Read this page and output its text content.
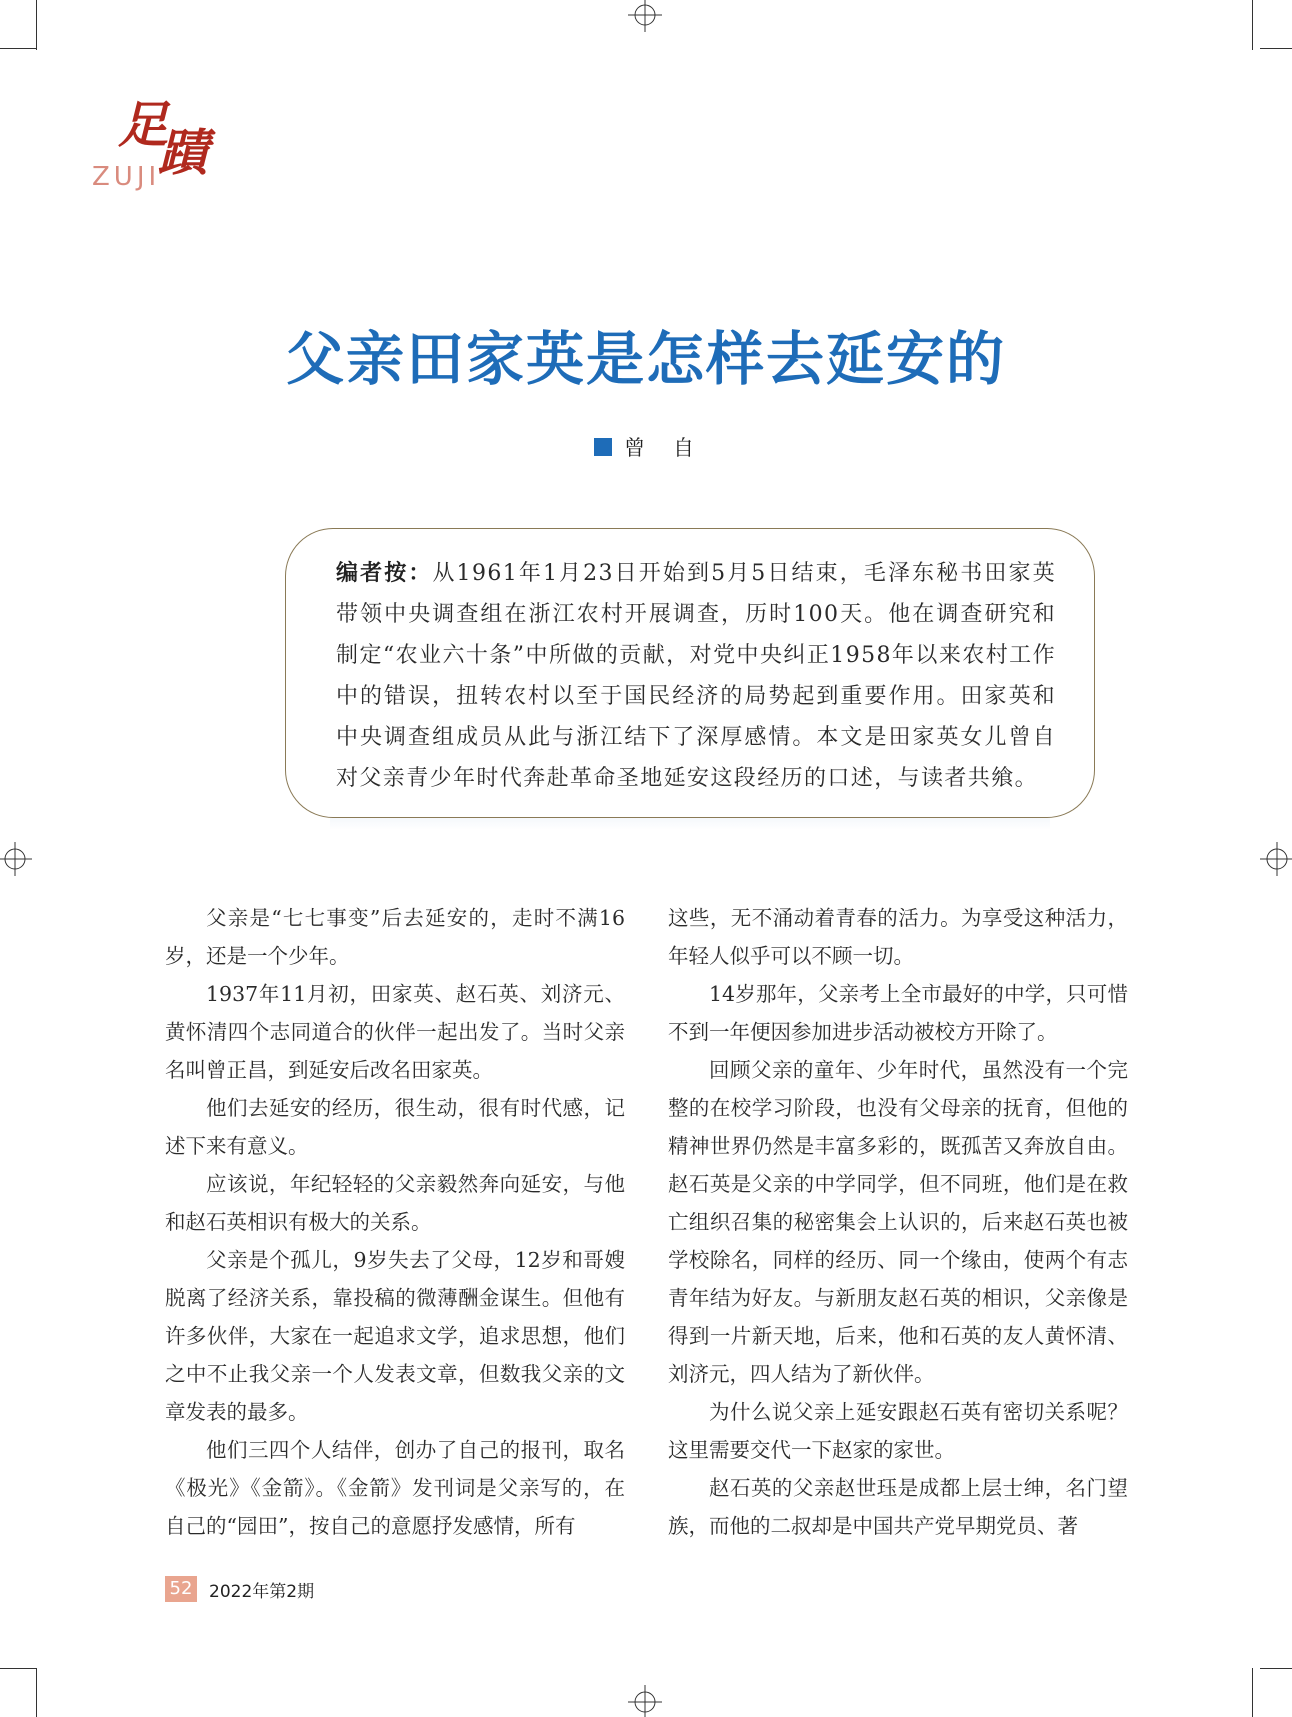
足
蹟
ZUJI
父亲田家英是怎样去延安的
曾自
编者按：从1961年1月23日开始到5月5日结束，毛泽东秘书田家英带领中央调查组在浙江农村开展调查，历时100天。他在调查研究和制定“农业六十条”中所做的贡献，对党中央纠正1958年以来农村工作中的错误，扭转农村以至于国民经济的局势起到重要作用。田家英和中央调查组成员从此与浙江结下了深厚感情。本文是田家英女儿曾自对父亲青少年时代奔赴革命圣地延安这段经历的口述，与读者共飨。

父亲是“七七事变”后去延安的，走时不满16岁，还是一个少年。

1937年11月初，田家英、赵石英、刘济元、黄怀清四个志同道合的伙伴一起出发了。当时父亲名叫曾正昌，到延安后改名田家英。

他们去延安的经历，很生动，很有时代感，记述下来有意义。

应该说，年纪轻轻的父亲毅然奔向延安，与他和赵石英相识有极大的关系。

父亲是个孤儿，9岁失去了父母，12岁和哥嫂脱离了经济关系，靠投稿的微薄酬金谋生。但他有许多伙伴，大家在一起追求文学，追求思想，他们之中不止我父亲一个人发表文章，但数我父亲的文章发表的最多。

他们三四个人结伴，创办了自己的报刊，取名《极光》《金箭》。《金箭》发刊词是父亲写的，在自己的“园田”，按自己的意愿抒发感情，所有

这些，无不涌动着青春的活力。为享受这种活力，年轻人似乎可以不顾一切。

14岁那年，父亲考上全市最好的中学，只可惜不到一年便因参加进步活动被校方开除了。

回顾父亲的童年、少年时代，虽然没有一个完整的在校学习阶段，也没有父母亲的抚育，但他的精神世界仍然是丰富多彩的，既孤苦又奔放自由。赵石英是父亲的中学同学，但不同班，他们是在救亡组织召集的秘密集会上认识的，后来赵石英也被学校除名，同样的经历、同一个缘由，使两个有志青年结为好友。与新朋友赵石英的相识，父亲像是得到一片新天地，后来，他和石英的友人黄怀清、刘济元，四人结为了新伙伴。

为什么说父亲上延安跟赵石英有密切关系呢？这里需要交代一下赵家的家世。

赵石英的父亲赵世珏是成都上层士绅，名门望族，而他的二叔却是中国共产党早期党员、著

52 2022年第2期
